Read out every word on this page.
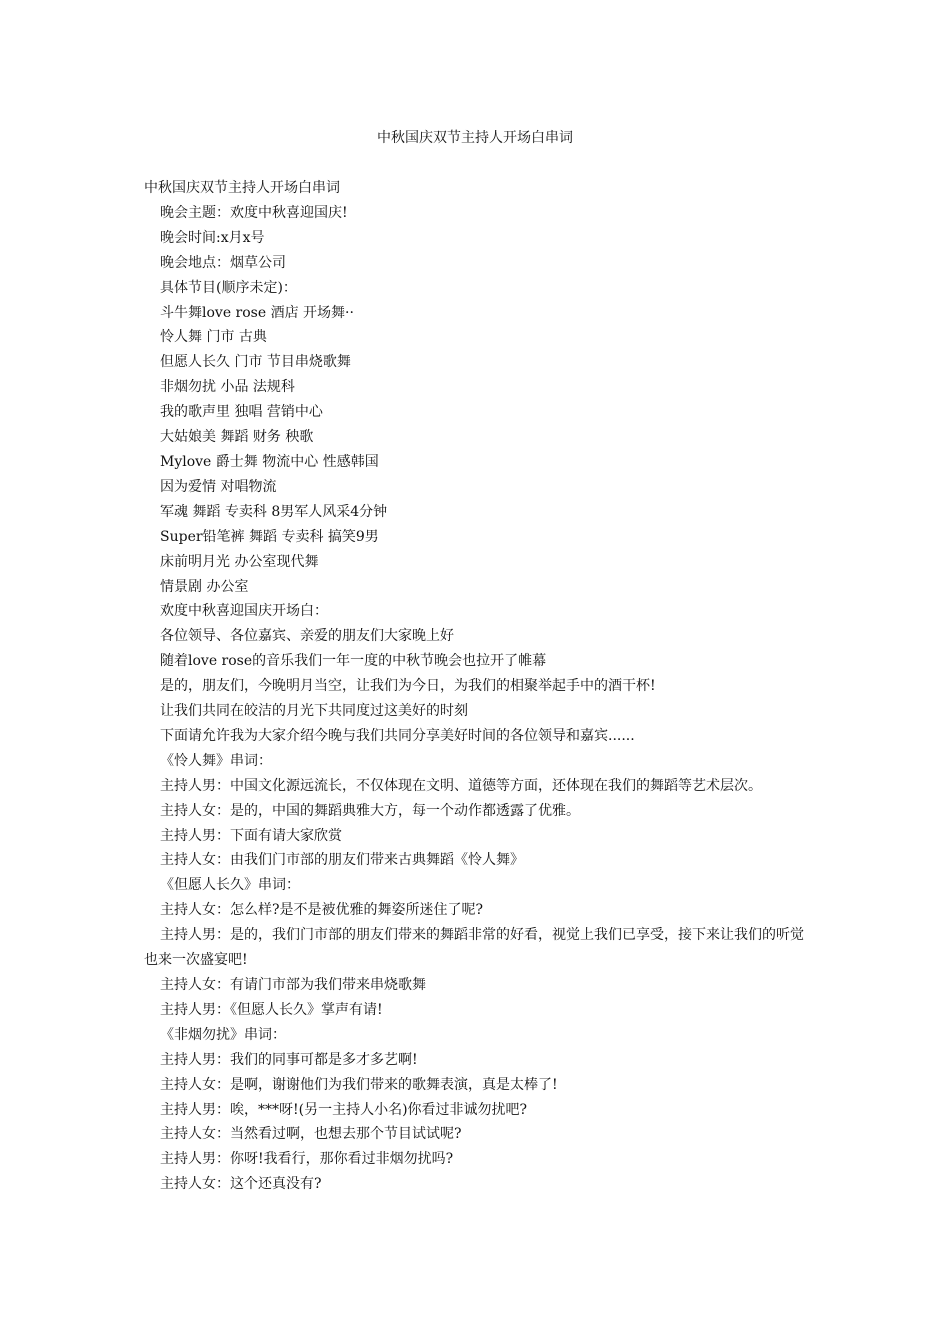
中秋国庆双节主持人开场白串词

中秋国庆双节主持人开场白串词

晚会主题：欢度中秋喜迎国庆!

晚会时间:x月x号

晚会地点：烟草公司

具体节目(顺序未定)：

斗牛舞love rose 酒店 开场舞··

怜人舞 门市 古典

但愿人长久 门市 节目串烧歌舞

非烟勿扰 小品 法规科

我的歌声里 独唱 营销中心

大姑娘美 舞蹈 财务 秧歌

Mylove 爵士舞 物流中心 性感韩国

因为爱情 对唱物流

军魂 舞蹈 专卖科 8男军人风采4分钟

Super铅笔裤 舞蹈 专卖科 搞笑9男

床前明月光 办公室现代舞

情景剧 办公室

欢度中秋喜迎国庆开场白：

各位领导、各位嘉宾、亲爱的朋友们大家晚上好

随着love rose的音乐我们一年一度的中秋节晚会也拉开了帷幕

是的，朋友们，今晚明月当空，让我们为今日，为我们的相聚举起手中的酒干杯!

让我们共同在皎洁的月光下共同度过这美好的时刻

下面请允许我为大家介绍今晚与我们共同分享美好时间的各位领导和嘉宾......

《怜人舞》串词：

主持人男：中国文化源远流长，不仅体现在文明、道德等方面，还体现在我们的舞蹈等艺术层次。

主持人女：是的，中国的舞蹈典雅大方，每一个动作都透露了优雅。

主持人男：下面有请大家欣赏

主持人女：由我们门市部的朋友们带来古典舞蹈《怜人舞》

《但愿人长久》串词：

主持人女：怎么样?是不是被优雅的舞姿所迷住了呢?

主持人男：是的，我们门市部的朋友们带来的舞蹈非常的好看，视觉上我们已享受，接下来让我们的听觉也来一次盛宴吧!

主持人女：有请门市部为我们带来串烧歌舞

主持人男：《但愿人长久》掌声有请!

《非烟勿扰》串词：

主持人男：我们的同事可都是多才多艺啊!

主持人女：是啊，谢谢他们为我们带来的歌舞表演，真是太棒了!

主持人男：唉，***呀!(另一主持人小名)你看过非诚勿扰吧?

主持人女：当然看过啊，也想去那个节目试试呢?

主持人男：你呀!我看行，那你看过非烟勿扰吗?

主持人女：这个还真没有?
